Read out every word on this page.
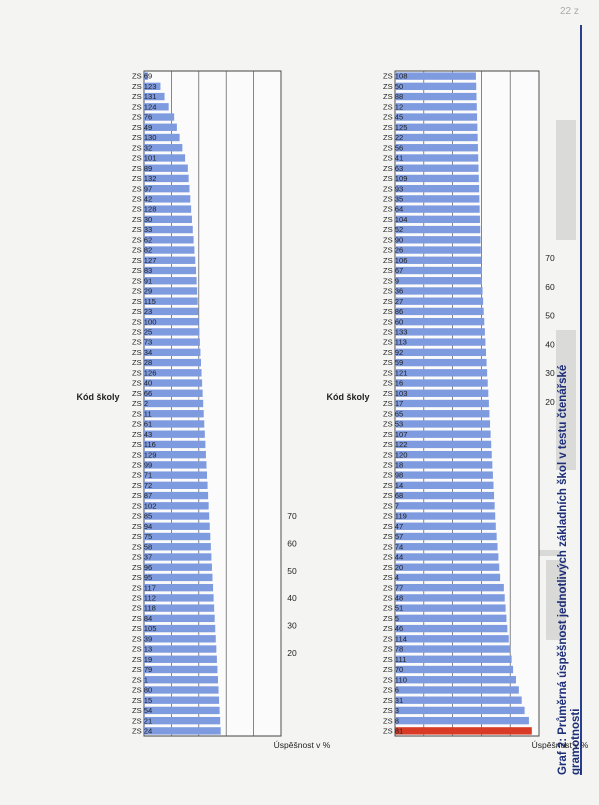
22 z
Graf 2: Průměrná úspěšnost jednotlivých základních škol v testu čtenářské gramotnosti
20
30
40
50
60
70
ZS 81
ZS 8
ZS 3
ZS 31
ZS 6
ZS 110
ZS 70
ZS 111
ZS 78
ZS 114
ZS 46
ZS 5
ZS 51
ZS 48
ZS 77
ZS 4
ZS 20
ZS 44
ZS 74
ZS 57
ZS 47
ZS 119
ZS 7
ZS 68
ZS 14
ZS 98
ZS 18
ZS 120
ZS 122
ZS 107
ZS 53
ZS 65
ZS 17
ZS 103
ZS 16
ZS 121
ZS 59
ZS 92
ZS 113
ZS 133
ZS 60
ZS 86
ZS 27
ZS 36
ZS 9
ZS 67
ZS 106
ZS 26
ZS 90
ZS 52
ZS 104
ZS 64
ZS 35
ZS 93
ZS 109
ZS 63
ZS 41
ZS 56
ZS 22
ZS 125
ZS 45
ZS 12
ZS 88
ZS 50
ZS 108
Úspěšnost v %
Kód školy
20
30
40
50
60
70
ZS 24
ZS 21
ZS 54
ZS 15
ZS 80
ZS 1
ZS 79
ZS 19
ZS 13
ZS 39
ZS 105
ZS 84
ZS 118
ZS 112
ZS 117
ZS 95
ZS 96
ZS 37
ZS 58
ZS 75
ZS 94
ZS 85
ZS 102
ZS 87
ZS 72
ZS 71
ZS 99
ZS 129
ZS 116
ZS 43
ZS 61
ZS 11
ZS 2
ZS 66
ZS 40
ZS 126
ZS 28
ZS 34
ZS 73
ZS 25
ZS 100
ZS 23
ZS 115
ZS 29
ZS 91
ZS 83
ZS 127
ZS 82
ZS 62
ZS 33
ZS 30
ZS 128
ZS 42
ZS 97
ZS 132
ZS 89
ZS 101
ZS 32
ZS 130
ZS 49
ZS 76
ZS 124
ZS 131
ZS 123
ZS 69
Úspěšnost v %
Kód školy
